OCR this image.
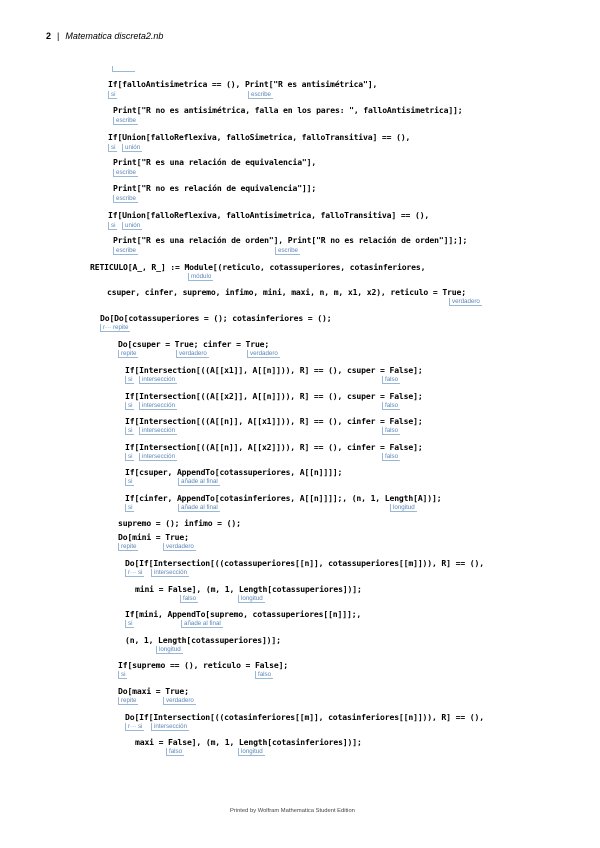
2 | Matematica discreta2.nb

If[falloAntisimetrica == (), Print["R es antisimétrica"],

Print["R no es antisimétrica, falla en los pares: ", falloAntisimetrica]];

If[Union[falloReflexiva, falloSimetrica, falloTransitiva] == (),

Print["R es una relación de equivalencia"],

Print["R no es relación de equivalencia"]];

If[Union[falloReflexiva, falloAntisimetrica, falloTransitiva] == (),

Print["R es una relación de orden"], Print["R no es relación de orden"]];];

RETICULO[A_, R_] := Module[(reticulo, cotassuperiores, cotasinferiores,

csuper, cinfer, supremo, infimo, mini, maxi, n, m, x1, x2), reticulo = True;

Do[Do[cotassuperiores = (); cotasinferiores = ();

Do[csuper = True; cinfer = True;

If[Intersection[((A[[x1]], A[[n]])), R] == (), csuper = False];

If[Intersection[((A[[x2]], A[[n]])), R] == (), csuper = False];

If[Intersection[((A[[n]], A[[x1]])), R] == (), cinfer = False];

If[Intersection[((A[[n]], A[[x2]])), R] == (), cinfer = False];

If[csuper, AppendTo[cotassuperiores, A[[n]]]];

If[cinfer, AppendTo[cotasinferiores, A[[n]]]];, (n, 1, Length[A])];

supremo = (); infimo = ();

Do[mini = True;

Do[If[Intersection[((cotassuperiores[[n]], cotassuperiores[[m]])), R] == (),

mini = False], (m, 1, Length[cotassuperiores])];

If[mini, AppendTo[supremo, cotassuperiores[[n]]];,

(n, 1, Length[cotassuperiores])];

If[supremo == (), reticulo = False];

Do[maxi = True;

Do[If[Intersection[((cotasinferiores[[m]], cotasinferiores[[n]])), R] == (),

maxi = False], (m, 1, Length[cotasinferiores])];

si	escribe
escribe
si	unión
escribe
escribe
si	unión
escribe	escribe
módulo
verdadero
r··· repite
repite	verdadero	verdadero
si	intersección	falso
si	intersección	falso
si	intersección	falso
si	intersección	falso
si	añade al final
si	añade al final	longitud
repite	verdadero
r··· si	intersección
falso	longitud
si	añade al final
longitud
si	falso
repite	verdadero
r··· si	intersección
falso	longitud
Printed by Wolfram Mathematica Student Edition
